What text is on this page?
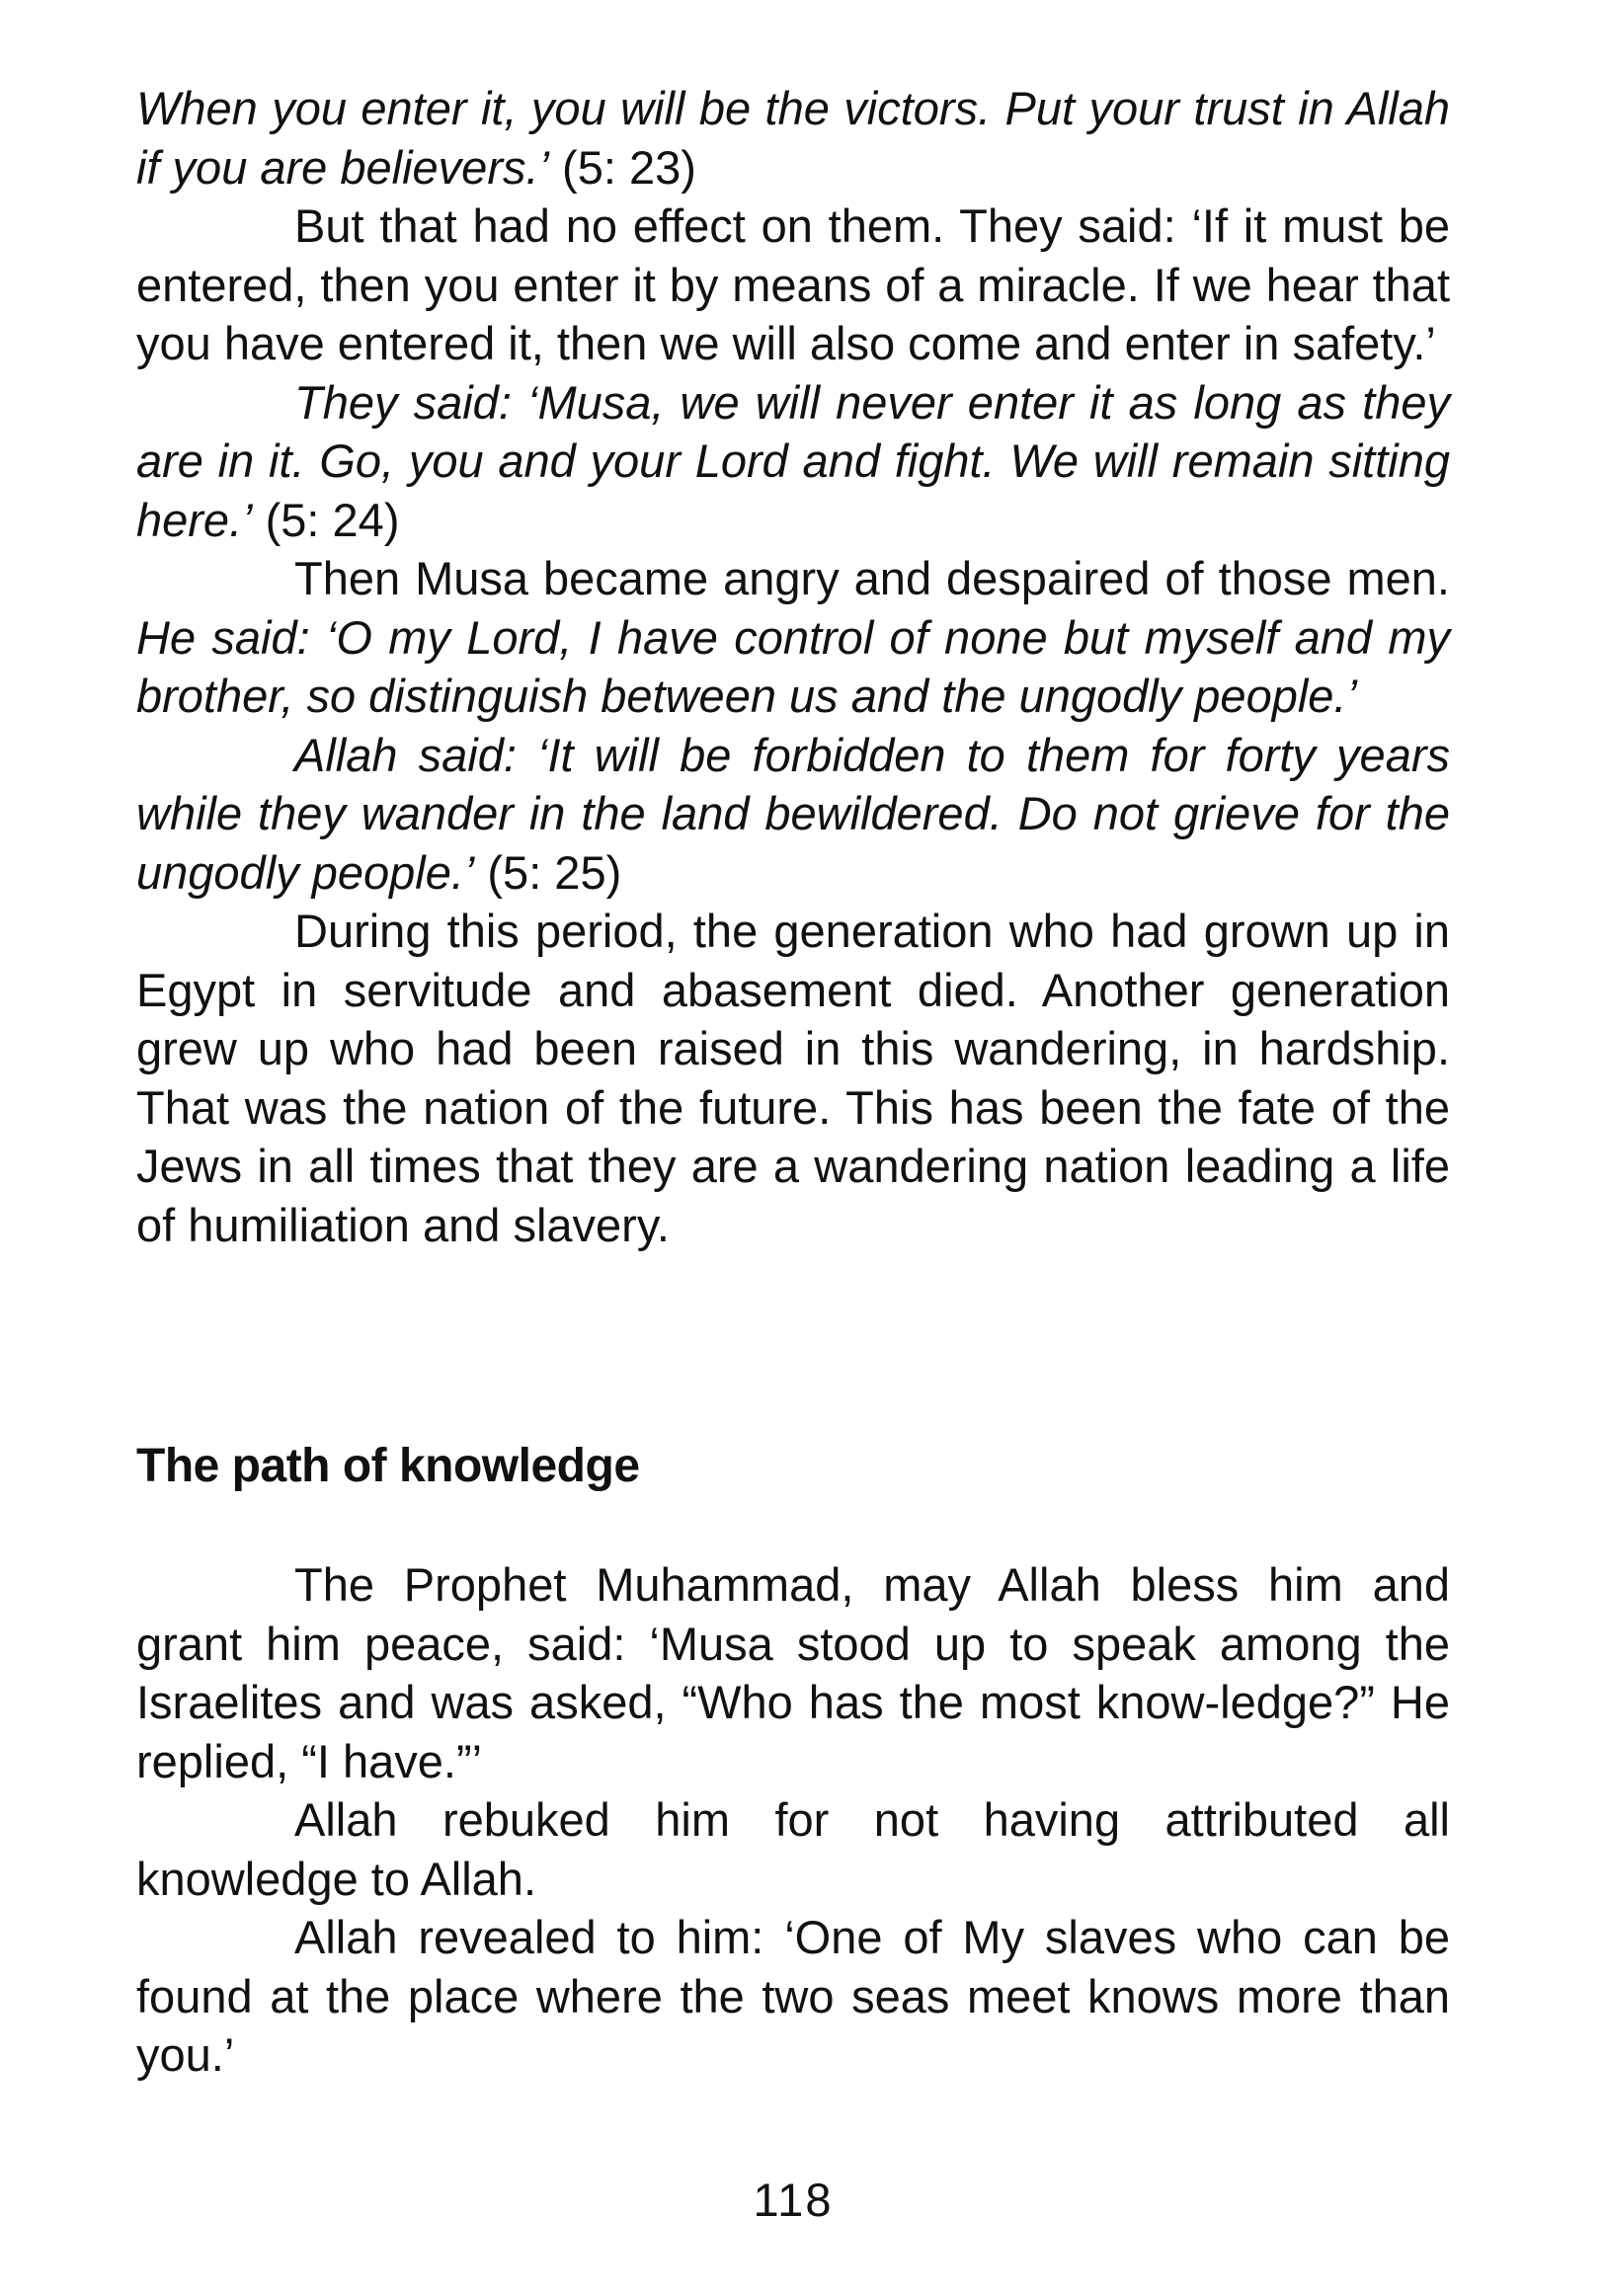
When you enter it, you will be the victors. Put your trust in Allah if you are believers.’ (5: 23)

But that had no effect on them. They said: ‘If it must be entered, then you enter it by means of a miracle. If we hear that you have entered it, then we will also come and enter in safety.’

They said: ‘Musa, we will never enter it as long as they are in it. Go, you and your Lord and fight. We will remain sitting here.’ (5: 24)

Then Musa became angry and despaired of those men. He said: ‘O my Lord, I have control of none but myself and my brother, so distinguish between us and the ungodly people.’

Allah said: ‘It will be forbidden to them for forty years while they wander in the land bewildered. Do not grieve for the ungodly people.’ (5: 25)

During this period, the generation who had grown up in Egypt in servitude and abasement died. Another generation grew up who had been raised in this wandering, in hardship. That was the nation of the future. This has been the fate of the Jews in all times that they are a wandering nation leading a life of humiliation and slavery.

The path of knowledge

The Prophet Muhammad, may Allah bless him and grant him peace, said: ‘Musa stood up to speak among the Israelites and was asked, “Who has the most know-ledge?” He replied, “I have.”’

Allah rebuked him for not having attributed all knowledge to Allah.

Allah revealed to him: ‘One of My slaves who can be found at the place where the two seas meet knows more than you.’

118
